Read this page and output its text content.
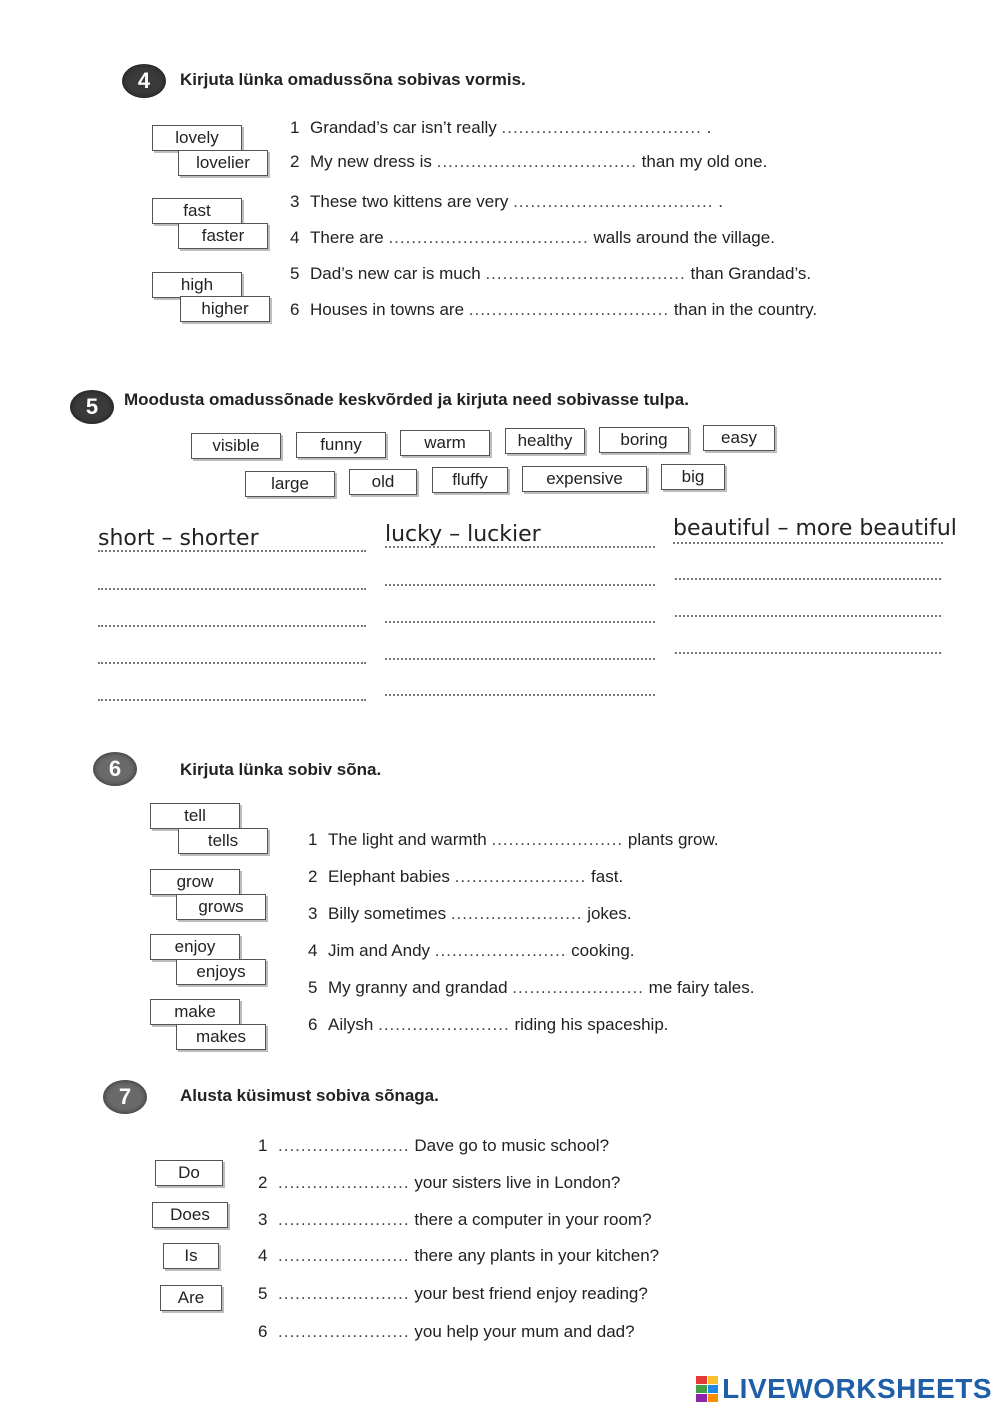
4 Kirjuta lünka omadussõna sobivas vormis.
lovely
lovelier
fast
faster
high
higher
1 Grandad’s car isn’t really ................................... .
2 My new dress is ................................... than my old one.
3 These two kittens are very ................................... .
4 There are ................................... walls around the village.
5 Dad’s new car is much ................................... than Grandad’s.
6 Houses in towns are ................................... than in the country.
5 Moodusta omadussõnade keskvõrded ja kirjuta need sobivasse tulpa.
visible	funny	warm	healthy	boring	easy
large	old	fluffy	expensive	big
short – shorter	lucky – luckier	beautiful – more beautiful
6	Kirjuta lünka sobiv sõna.
tell
tells
grow
grows
enjoy
enjoys
make
makes
1 The light and warmth ....................... plants grow.
2 Elephant babies ....................... fast.
3 Billy sometimes ....................... jokes.
4 Jim and Andy ....................... cooking.
5 My granny and grandad ....................... me fairy tales.
6 Ailysh ....................... riding his spaceship.
7	Alusta küsimust sobiva sõnaga.
Do
Does
Is
Are
1 ....................... Dave go to music school?
2 ....................... your sisters live in London?
3 ....................... there a computer in your room?
4 ....................... there any plants in your kitchen?
5 ....................... your best friend enjoy reading?
6 ....................... you help your mum and dad?
LIVEWORKSHEETS
